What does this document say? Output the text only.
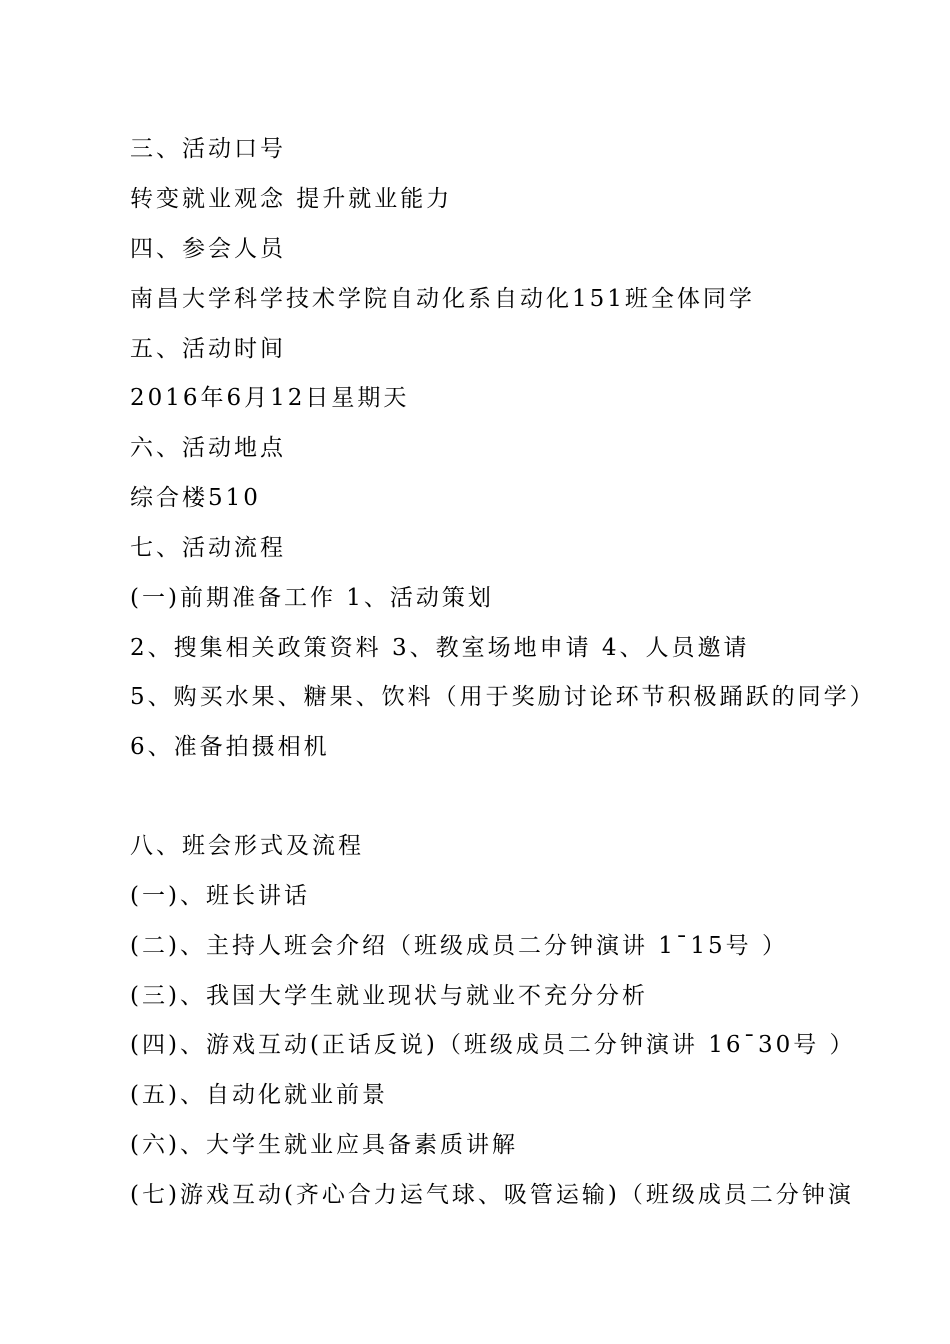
三、活动口号
转变就业观念 提升就业能力
四、参会人员
南昌大学科学技术学院自动化系自动化151班全体同学
五、活动时间
2016年6月12日星期天
六、活动地点
综合楼510
七、活动流程
(一)前期准备工作 1、活动策划
2、搜集相关政策资料 3、教室场地申请 4、人员邀请
5、购买水果、糖果、饮料（用于奖励讨论环节积极踊跃的同学）
6、准备拍摄相机
八、班会形式及流程
(一)、班长讲话
(二)、主持人班会介绍（班级成员二分钟演讲 1¯15号 ）
(三)、我国大学生就业现状与就业不充分分析
(四)、游戏互动(正话反说)（班级成员二分钟演讲 16¯30号 ）
(五)、自动化就业前景
(六)、大学生就业应具备素质讲解
(七)游戏互动(齐心合力运气球、吸管运输)（班级成员二分钟演
